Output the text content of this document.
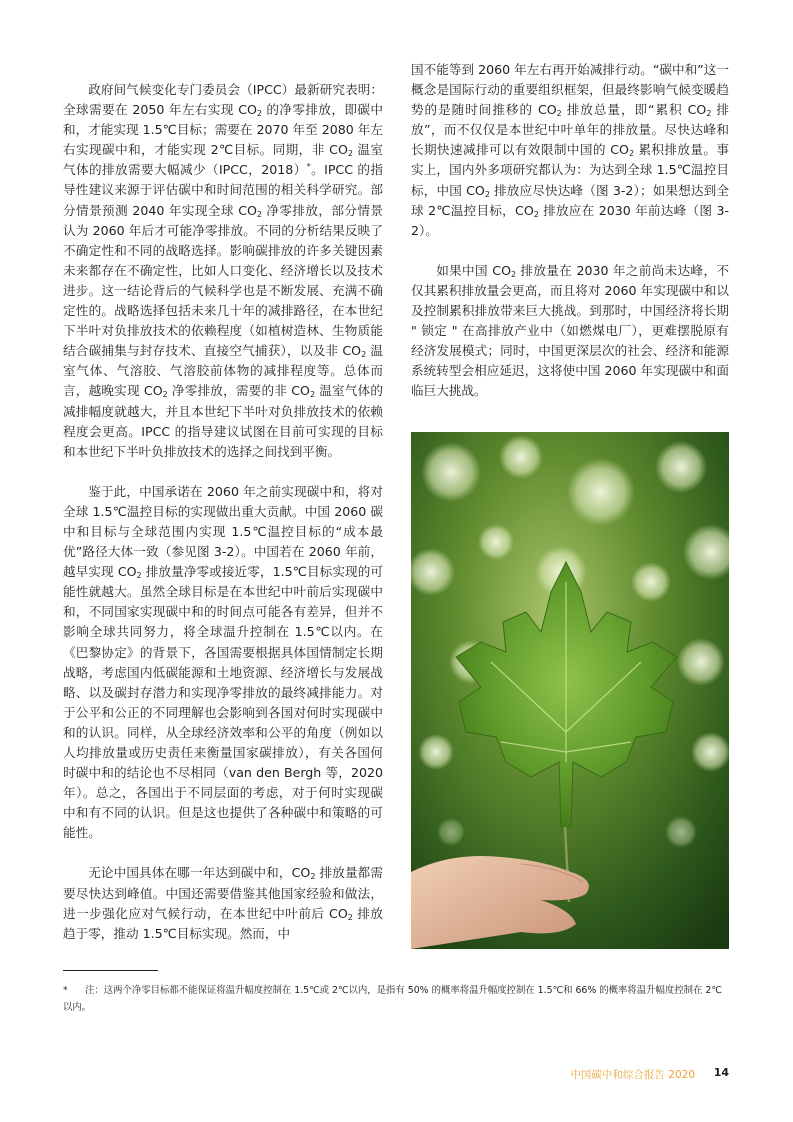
政府间气候变化专门委员会（IPCC）最新研究表明：全球需要在 2050 年左右实现 $CO_2$ 的净零排放，即碳中和，才能实现 1.5℃目标；需要在 2070 年至 2080 年左右实现碳中和，才能实现 2℃目标。同期，非 $CO_2$ 温室气体的排放需要大幅减少（IPCC，2018）*。IPCC 的指导性建议来源于评估碳中和时间范围的相关科学研究。部分情景预测 2040 年实现全球 $CO_2$ 净零排放，部分情景认为 2060 年后才可能净零排放。不同的分析结果反映了不确定性和不同的战略选择。影响碳排放的许多关键因素未来都存在不确定性，比如人口变化、经济增长以及技术进步。这一结论背后的气候科学也是不断发展、充满不确定性的。战略选择包括未来几十年的减排路径，在本世纪下半叶对负排放技术的依赖程度（如植树造林、生物质能结合碳捕集与封存技术、直接空气捕获），以及非 $CO_2$ 温室气体、气溶胶、气溶胶前体物的减排程度等。总体而言，越晚实现 $CO_2$ 净零排放，需要的非 $CO_2$ 温室气体的减排幅度就越大，并且本世纪下半叶对负排放技术的依赖程度会更高。IPCC 的指导建议试图在目前可实现的目标和本世纪下半叶负排放技术的选择之间找到平衡。

鉴于此，中国承诺在 2060 年之前实现碳中和，将对全球 1.5℃温控目标的实现做出重大贡献。中国 2060 碳中和目标与全球范围内实现 1.5℃温控目标的“成本最优”路径大体一致（参见图 3-2）。中国若在 2060 年前，越早实现 $CO_2$ 排放量净零或接近零，1.5℃目标实现的可能性就越大。虽然全球目标是在本世纪中叶前后实现碳中和，不同国家实现碳中和的时间点可能各有差异，但并不影响全球共同努力，将全球温升控制在 1.5℃以内。在《巴黎协定》的背景下，各国需要根据具体国情制定长期战略，考虑国内低碳能源和土地资源、经济增长与发展战略、以及碳封存潜力和实现净零排放的最终减排能力。对于公平和公正的不同理解也会影响到各国对何时实现碳中和的认识。同样，从全球经济效率和公平的角度（例如以人均排放量或历史责任来衡量国家碳排放），有关各国何时碳中和的结论也不尽相同（van den Bergh 等，2020 年）。总之，各国出于不同层面的考虑，对于何时实现碳中和有不同的认识。但是这也提供了各种碳中和策略的可能性。

无论中国具体在哪一年达到碳中和，$CO_2$ 排放量都需要尽快达到峰值。中国还需要借鉴其他国家经验和做法，进一步强化应对气候行动，在本世纪中叶前后 $CO_2$ 排放趋于零，推动 1.5℃目标实现。然而，中

国不能等到 2060 年左右再开始减排行动。“碳中和”这一概念是国际行动的重要组织框架，但最终影响气候变暖趋势的是随时间推移的 $CO_2$ 排放总量，即“累积 $CO_2$ 排放”，而不仅仅是本世纪中叶单年的排放量。尽快达峰和长期快速减排可以有效限制中国的 $CO_2$ 累积排放量。事实上，国内外多项研究都认为：为达到全球 1.5℃温控目标，中国 $CO_2$ 排放应尽快达峰（图 3-2）；如果想达到全球 2℃温控目标，$CO_2$ 排放应在 2030 年前达峰（图 3-2）。

如果中国 $CO_2$ 排放量在 2030 年之前尚未达峰，不仅其累积排放量会更高，而且将对 2060 年实现碳中和以及控制累积排放带来巨大挑战。到那时，中国经济将长期 " 锁定 " 在高排放产业中（如燃煤电厂），更难摆脱原有经济发展模式；同时，中国更深层次的社会、经济和能源系统转型会相应延迟，这将使中国 2060 年实现碳中和面临巨大挑战。

* 注：这两个净零目标都不能保证将温升幅度控制在 1.5℃或 2℃以内，是指有 50% 的概率将温升幅度控制在 1.5℃和 66% 的概率将温升幅度控制在 2℃以内。
中国碳中和综合报告 2020 14
